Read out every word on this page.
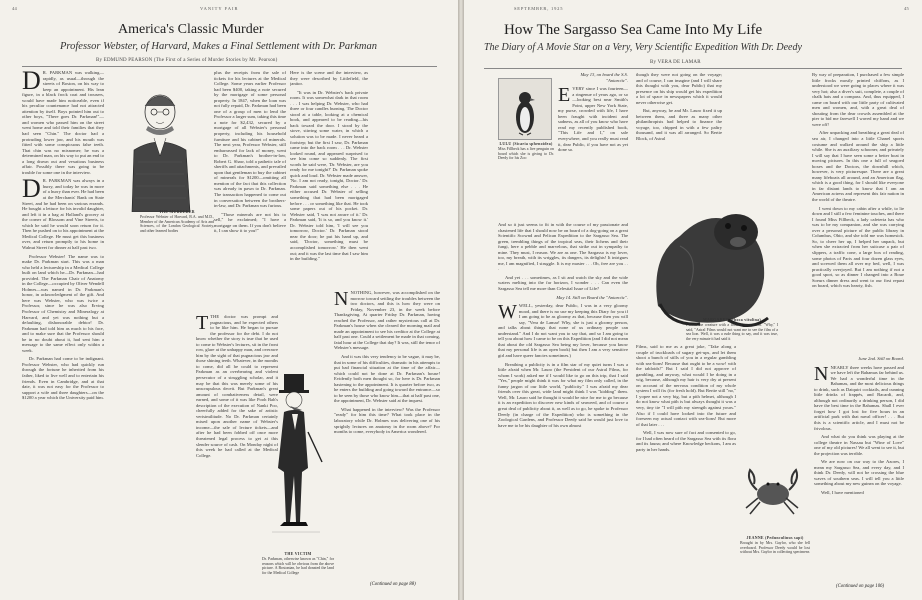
44	VANITY FAIR
America's Classic Murder
Professor Webster, of Harvard, Makes a Final Settlement with Dr. Parkman
By EDMUND PEARSON (The First of a Series of Murder Stories by Mr. Pearson)

D R. PARKMAN was walking—rapidly, as usual—through the streets of Boston, on his way to keep an appointment. His lean figure, in a black frock coat and trousers, would have made him noticeable, even if his peculiar countenance had not attracted attention by itself. Boys pointed him out to other boys, "There goes Dr. Parkman!"—and women who passed him on the street went home and told their families that they had seen "Chin." The doctor had a protruding lower jaw, and his mouth was fitted with some conspicuous false teeth. That chin was no misnomer; he was a determined man, on his way to put an end to a long drawn out and vexatious business affair. Possibly there was going to be trouble for some one in the interview.

D R. PARKMAN was always in a hurry, and today he was in more of a hurry than ever. He had been at the Merchants' Bank on State Street, and he had been on various errands. He bought a lettuce for his invalid daughter, and left it in a bag at Holland's grocery at the corner of Blossom and Vine Streets, to which he said he would soon return for it. Then he pushed on to his appointment at the Medical College. He must get this business over, and return promptly to his home in Walnut Street for dinner at half past two.

Professor Webster! The name was to make Dr. Parkman start. This was a man who held a lectureship in a Medical College built on land which he—Dr. Parkman—had provided. The Parkman Chair of Anatomy in the College—occupied by Oliver Wendell Holmes—was named in Dr. Parkman's honor, in acknowledgment of the gift. And here was Webster, who was twice a Professor, since he was also Erving Professor of Chemistry and Mineralogy at Harvard, and yet was nothing but a defaulting, dishonorable debtor! Dr. Parkman had told him as much to his face, and to make sure that the Professor should be in no doubt about it, had sent him a message to the same effect only within a week.

Dr. Parkman had come to be indignant. Professor Webster, who had quickly run through the fortune he inherited from his father, liked to live well and to entertain his friends. Even in Cambridge, and at that date, it was not easy for the Professor to support a wife and three daughters—on the $1200 a year which the University paid him.

THE MURDERER
Professor Webster of Harvard, B.A. and M.D., Member of the American Academy of Arts and Sciences, of the London Geological Society, and other learned bodies

plus the receipts from the sale of tickets for his lectures at the Medical College. Some years earlier Professor had been $400, taking a note secured by the mortgage of some personal property. In 1847, when the loan was not fully repaid, Dr. Parkman had been one of a group of men to lend the Professor a larger sum, taking this time a note for $2,432, secured by a mortgage of all Webster's personal property, including his household furniture and his cabinet of minerals. The next year, Professor Webster, still embarrassed for lack of money, went to Dr. Parkman's brother-in-law, Robert G. Shaw, told a pathetic tale of sheriffs and attachments, and prevailed upon that gentleman to buy the cabinet of minerals for $1200—omitting all mention of the fact that this collection was already in pawn to Dr. Parkman. The transaction happened to come out in conversation between the brothers-in-law, and Dr. Parkman was furious.

"Those minerals are not his to sell," he exclaimed; "I have a mortgage on them. If you don't believe it, I can show it to you!"

TTHE doctor was prompt and pugnacious, and he expected others to be like him. He began to pursue the professor for the debt. I do not know whether the story is true that he used to come to Webster's lectures, sit in the front row, glare at the unhappy man, and overawe him by the sight of that pugnacious jaw and those shining teeth. Whatever, in the months to come, did all he could to represent Parkman as an overbearing and violent persecutor of a struggling scholar, and it may be that this was merely some of his unscrupulous deceit. But Parkman's great amount of combativeness detail, were earned, and some of it was like Pooh Bah's description of the execution of Nanki Poo, cheerfully added for the sake of artistic verisimilitude. No Dr. Parkman certainly mixed upon another name of Webster's income—the sale of lecture tickets—and after he had been fobbed off once more threatened legal process to get at this slender source of cash. On Monday night of this week he had called at the Medical College.

THE VICTIM
Dr. Parkman, otherwise known as "Chin," for reasons which will be obvious from the above picture. A Bostonian, he had donated the land for the Medical College

Here is the scene and the interview, as they were described by Littlefield, the janitor.

"It was in Dr. Webster's back private room. It was somewhat dark in that room . . . I was helping Dr. Webster, who had three or four candles burning. The Doctor stood at a table, looking at a chemical book, and appeared to be reading—his back toward the door. I stood by the stove, stirring some water, in which a solution was to be made. I never heard a footstep; but the first I saw, Dr. Parkman came into the back room . . . Dr. Webster looked round, and appeared surprised to see him come so suddenly. The first words he said were, 'Dr. Webster, are you ready for me tonight?' Dr. Parkman spoke quick and loud. Dr. Webster made answer, 'No. I am not ready, tonight, Doctor.' Dr. Parkman said something else . . . He either accused Dr. Webster of selling something that had been mortgaged before . . . or something like that. He took some papers out of his pocket. Dr. Webster said, 'I was not aware of it.' Dr. Parkman said, 'It is so, and you know it.' Dr. Webster told him, 'I will see you tomorrow, Doctor.' Dr. Parkman stood near the door; he put his hand up, and said, 'Doctor, something must be accomplished tomorrow.' He then went out; and it was the last time that I saw him in the building."

NNOTHING, however, was accomplished on the morrow toward settling the troubles between the two doctors, and this is how they were on Friday, November 23, in the week before Thanksgiving. At quarter Friday Dr. Parkman, having reached the Professor, and rather mysterious call at Dr. Parkman's house when she cleared the morning mail and made an appointment to see his creditor at the College at half past one. Could a settlement be made in that coming, fatal hour at the College that day? It was, still the tenor of Webster's message.

And it was this very tendency to be vague, it may be, that in some of his difficulties, dramatic in his attempts to put bad financial situation at the time of the affair—which could not be done at Dr. Parkman's house! Evidently both men thought so, for here is Dr. Parkman hastening to the appointment. It is quarter before two, as he enters the building and going toward the entrance—so to be seen by those who know him—that at half past one, the appointment, Dr. Webster said at the inquest.

What happened in the interview? Was the Professor "ready" for him this time? What took place in the laboratory while Dr. Holmes was delivering one of his sprightly lectures on anatomy in the room above? For months to come, everybody in America wondered.

(Continued on page 88)
SEPTEMBER, 1925	45
How The Sargasso Sea Came Into My Life
The Diary of A Movie Star on a Very, Very Scientific Expedition With Dr. Deedy
By VERA DE LAMAR
LULU (Sicaria sphenoidea)
Miss Fillbeck has a live penguin on board which she is giving to Dr. Deedy for his Zoo

May 13, on board the S.S. "Antarctic".

EVERY since I was fourteen—a ringenue of years ago, or so—looking best near Smith's Point, upper New York State, my purse, crowded with life, I have been fraught with incident and sadness, as all of you know who have read my recently published book, "This Life and I," on sale everywhere, and you really must read it, dear Public, if you have not as yet done so.

And so it just seems to fit in with the course of my passionate and chastened life that I should now be on board of a dog-going on a great Scientific Scownd and Pelican Expedition to the Sargasso Sea. The green, trembling things of the tropical seas, their lichens and their fungi, here a pebble and marvelous, that strike out in sympathy to mine. They must, I reason. We are as one. The Sargasso is my lover, too, my breath, with its wriggles, its dangers, its delights! It intrigues me, I am magnified, I struggle. It is my master . . . Oh, free are you . . .

And yet . . . sometimes, as I sit and watch the sky and the wide waters melting into the far horizon, I wonder . . . Can even the Sargasso Sea tell me more than Celestial Issue of Life?

May 14. Still on Board the "Antarctic".

WWELL, yesterday, dear Public, I was in a very gloomy mood, and there is no use my keeping this Diary for you if I am going to be as gloomy as that, because then you will say, "Vera de Lamar! Why, she is just a gloomy person, and talks about things that none of us ordinary people can understand." And I do not want you to say that, and so I am going to tell you about how I came to be on this Expedition (and I did not mean that about the old Sargasso Sea being my lover, because you know that my personal life is an open book) but then I am a very sensitive girl and have queer fancies sometimes.)

Breathing a publicity is in a film star of my quiet turns I was a little afraid when Mr. Lauro (the President of our Astral Films, for whom I work) asked me if I would like to go on this trip, that I said "Yes," people might think it was for what my film only called, in the funny jargon of our little world, "publicity." I was afraid my dear friends over this great, wide land might think I was "kidding" them. Well, Mr. Lauro said he thought it would be nice for me to go because it is an expedition to discover new kinds of seaweed, and of course a great deal of publicity about it, as well as to go, he spoke to Professor Deedy (in charge of the Expedition) who is something in the Zoological Gardens, and Professor Deedy said he would just love to have me to be his daughter of his own almost

though they were not going on the voyage; and of course, I can imagine (and I will share this thought with you, dear Public) that my presence on his ship would get his expedition a lot of space in newspapers which it would never otherwise get.

But, anyway, he and Mr. Lauro fixed it up between them, and three as many other philanthropists had helped to finance the voyage, too, chipped in with a few paltry thousand, and it was all arranged. So Bertie Block, of Astral

MARGARET (Phoca vitulina)
I fixed the creature with a look of utter scorn. "Why," I said, "Astral Films would not want me to see the film of a sea lion. Well, it was a rude thing to say, and it was true, the very minute it had said it

Films, said to me as a great joke, "Take along a couple of truckloads of sugary get-ups, and let them shoot a bunch of stills of you in a regular gambling with sea-lions! Because that ought to be a wow! with the tabloids!" But I said I did not approve of gambling, and anyway, what would I be doing in a wig, because, although my hair is very dry at present on account of the nervous condition of my whole system I will fix (for fresh hold). But Bertie still "no," I yopee not a very big, but a pith helmet, although I do not know what pith is but always thought it was a very, tiny tie "I will pith my strength against yours." Also if I could have looked into the future and foreseen my actual contact with sea-lions! But more of that later . . .

Well, I was now sure of fact and consented to go, for I had often heard of the Sargasso Sea with its flora and its fauna; and where Knowledge beckons, I am as party in her hands.

JEANNE (Pedunculinus sapi)
Brought in by Mrs. Gaylor, who she fell overboard. Professor Deedy would be lost without Mrs. Gaylor in collecting specimens

By way of preparation, I purchased a few simple little frocks mostly printed chiffons, as I understood we were going to places where it was very hot; also a diver's suit, complete, a couple of chalk hats and a compass. And, thus equipped, I came on board with our little party of cultivated men and women, and, with a great deal of shouting from the dear crowds assembled at the pier to bid me farewell I waved my hand and we were off!

After unpacking and breathing a great deal of sea air, I changed into a little Chanel sports costume and walked around the ship a little while. She is an auxiliary schooner, and privately I will say that I have seen some a better boat in moving pictures. In this one a full of seagoed boxes and the Doctors, the downhill which, however, is very picturesque. There are a great many lifeboats all around, and an American flag, which is a good thing, for I should like everyone in far distant lands to know that I am an American actress and represent this fair nation in the world of the theatre.

I went down to my cabin after a while, to lie down and I still a few feminine touches, and there I found Miss Fillbeck, a lady cafeteria has who was to be my companion, and she was carrying over a personal picture of the public library in Columbus, Ohio, and she told me was homesick. So, to cheer her up, I helped her unpack, but when she extracted from her suitcase a pair of slippers, a traffic cone, a large box of reading, some photos of Paris and four dozen glass eyes, and screwed them all over my bed, well, I was practically overjoyed. But I am nothing if not a good sport, so as dinner I changed into a Boue Soeurs dinner dress and went to our first repast on board, which was hearty, fish.

June 2nd. Still on Board.

NNEARLY three weeks have passed and we have left the Bahamas far behind us. We had a wonderful time in the Bahamas, and the most delicious things to drink, such as Daiquiri cocktails, and cunning little drinks of frappés, and Bacardi, and, although not ordinarily a drinking person, I did have the best time in the Bahamas. Shall I ever forget how I got lost for five hours in an artificial park with that naval officer! . . . But this is a scientific article, and I must not be frivolous.

And what do you think was playing at the college theatre in Nassau but "Wine of Love" one of my old pictures! We all went to see it, but the projection was terrible.

We are now on our way to the Azores, I mean my Sargasso Sea, and every day, and I think Dr. Deedy, will not be crossing the blue waves of southern seas. I will tell you a little something about my new guinea on the voyage.

Well, I have mentioned

(Continued on page 106)
